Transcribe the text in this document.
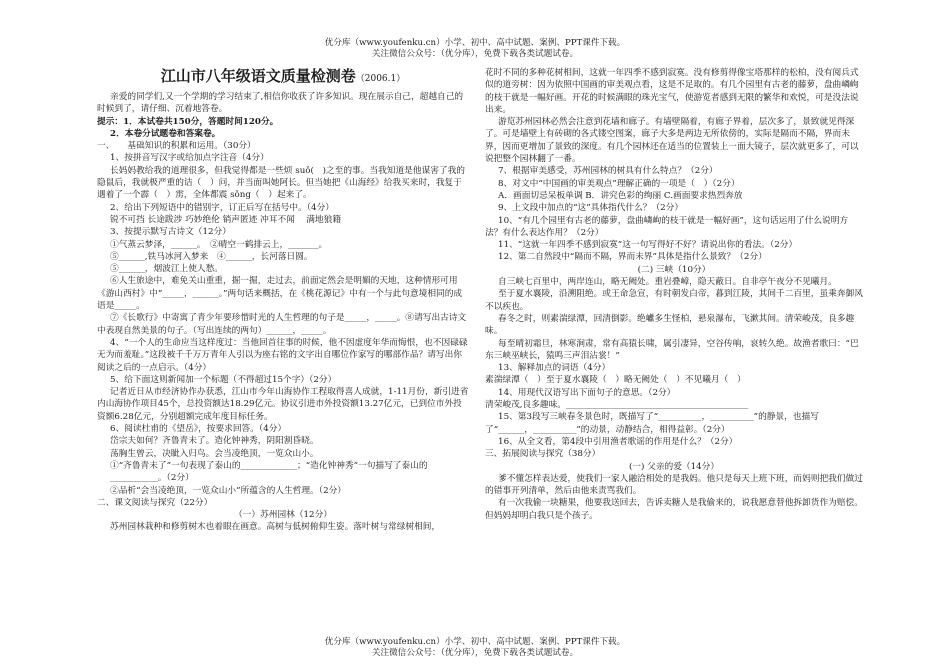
优分库（www.youfenku.cn）小学、初中、高中试题、案例、PPT课件下载。
关注微信公众号：（优分库），免费下载各类试题试卷。

江山市八年级语文质量检测卷（2006.1）

亲爱的同学们,又一个学期的学习结束了,相信你收获了许多知识。现在展示自己，超越自己的时候到了，请仔细、沉着地答卷。

提示：1．本试卷共150分，答题时间120分。

2．本卷分试题卷和答案卷。

一、　　基础知识的积累和运用。（30分）

1、按拼音写汉字或给加点字注音（4分）

长妈妈教给我的道理很多，但我觉得都是一些烦 suǒ(　)之至的事。当我知道是他谋害了我的隐鼠后，我就极严重的诘（　）问，并当面叫她阿长。但当她把《山海经》给我买来时，我复于遇着了一个霹（　）雳，全体都震 sǒng（　）起来了。

2、给出下列短语中的错别字，订正后写在括号中。（4分）

锐不可挡 长途跋涉 巧妙绝伦 销声匿迹 冲耳不闻　 满地狼籍

3、按提示默写古诗文（12分）

①气蒸云梦泽，______。　②晴空一鹤排云上，_______。

⑤______,铁马冰河入梦来　④______，长河落日圆。

⑤______，烟波江上使人愁。

⑥人生旅途中，难免关山重重，掘一掘，走过去，前面定然会是明媚的天地，这种情形可用《游山西村》中“_____，______。”两句话来概括，在《桃花源记》中有一个与此句意境相同的成语是_____。

⑦《长歌行》中寄寓了青少年要珍惜时光的人生哲理的句子是_____，_____。⑧请写出古诗文中表现自然美景的句子。（写出连续的两句）______，_____。

4、“一个人的生命应当这样度过：当他回首往事的时候，他不因虚度年华而悔恨，也不因碌碌无为而羞耻。”这段被千千万万青年人引以为座右铭的文字出自哪位作家写的哪部作品？请写出你阅读之后的一点启示。（4分）

5、给下面这则新闻加一个标题（不得超过15个字）（2分）

记者近日从市经济协作办获悉，江山市今年山海协作工程取得喜人成就，1-11月份，新引进省内山海协作项目45个，总投资额达18.29亿元。协议引进市外投资额13.27亿元，已到位市外投资额6.28亿元，分别超额完成年度目标任务。

6、阅读杜甫的《望岳》，按要求回答。（4分）

岱宗夫如何？齐鲁青未了。造化钟神秀，阴阳割昏晓。

荡胸生曾云，决眦入归鸟。会当凌绝顶，一览众山小。

①“齐鲁青未了”一句表现了泰山的_____________；“造化钟神秀”一句描写了泰山的___________。（2分）

②品析“会当凌绝顶，一览众山小”所蕴含的人生哲理。（2分）

二、课文阅读与探究（22分）

（一）苏州园林（12分）

苏州园林栽种和修剪树木也着眼在画意。高树与低树俯仰生姿。落叶树与常绿树相间，

花时不同的多种花树相间，这就一年四季不感到寂寞。没有修剪得像宝塔那样的松柏，没有阅兵式似的道旁树：因为依照中国画的审美观点看，这是不足取的。有几个园里有古老的藤萝，盘曲嶙峋的枝干就是一幅好画。开花的时候满眼的珠光宝气，使游览者感到无限的繁华和欢悦，可是没法说出来。

游览苏州园林必然会注意到花墙和廊子。有墙壁隔着，有廊子界着，层次多了，景致就见得深了。可是墙壁上有砖砌的各式镂空图案，廊子大多是两边无所依傍的，实际是隔而不隔，界而未界，因而更增加了景致的深度。有几个园林还在适当的位置装上一面大镜子，层次就更多了，可以说把整个园林翻了一番。

7、根据审美感受，苏州园林的树具有什么特点？（2分）

8、对文中“中国画的审美观点”理解正确的一项是（　）（2分）

A．画面切忌呆板单调 B．讲究色彩的绚丽 C.画面要求热烈奔放

9、上文段中加点的“这”具体指代什么？（2分）

10、“有几个园里有古老的藤萝，盘曲嶙峋的枝干就是一幅好画”，这句话运用了什么说明方法？有什么表达作用？（2分）

11、“这就一年四季不感到寂寞”这一句写得好不好？请说出你的看法。（2分）

12、第二自然段中“隔而不隔，界而未界”具体是指什么景致？（2分）

(二) 三峡（10分）

自三峡七百里中，两岸连山，略无阙处。重岩叠嶂，隐天蔽日。自非亭午夜分不见曦月。

至于夏水襄陵，沿溯阻绝。或王命急宣，有时朝发白帝，暮到江陵，其间千二百里，虽乘奔御风不以疾也。

春冬之时，则素湍绿潭，回清倒影。绝巘多生怪柏，悬泉瀑布，飞漱其间。清荣峻茂，良多趣味。

每至晴初霜旦，林寒涧肃，常有高猿长啸，属引凄异，空谷传响，哀转久绝。故渔者歌曰：“巴东三峡巫峡长，猿鸣三声泪沾裳！”

13、解释加点的词语（4分）

素湍绿潭（　）至于夏水襄陵（　）略无阙处（　）不见曦月（　）

14、用现代汉语写出下面句子的意思。（2分）

清荣峻茂,良多趣味。__________________________________________

15、第3段写三峡春冬景色时，既描写了“__________，__________”的静景，也描写了“______，__________”的动景，动静结合，相得益彰。（2分）

16、从全文看，第4段中引用渔者歌谣的作用是什么？（2分）

三、拓展阅读与探究（38分）

(一) 父亲的爱（14分）

爹不懂怎样表达爱，使我们一家人融洽相处的是我妈。他只是每天上班下班，而妈则把我们做过的错事开列清单，然后由他来责骂我们。

有一次我偷一块糖果，他要我送回去，告诉卖糖人是我偷来的，说我愿意替他拆卸货作为赔偿。但妈妈却明白我只是个孩子。

优分库（www.youfenku.cn）小学、初中、高中试题、案例、PPT课件下载。
关注微信公众号：（优分库），免费下载各类试题试卷。
